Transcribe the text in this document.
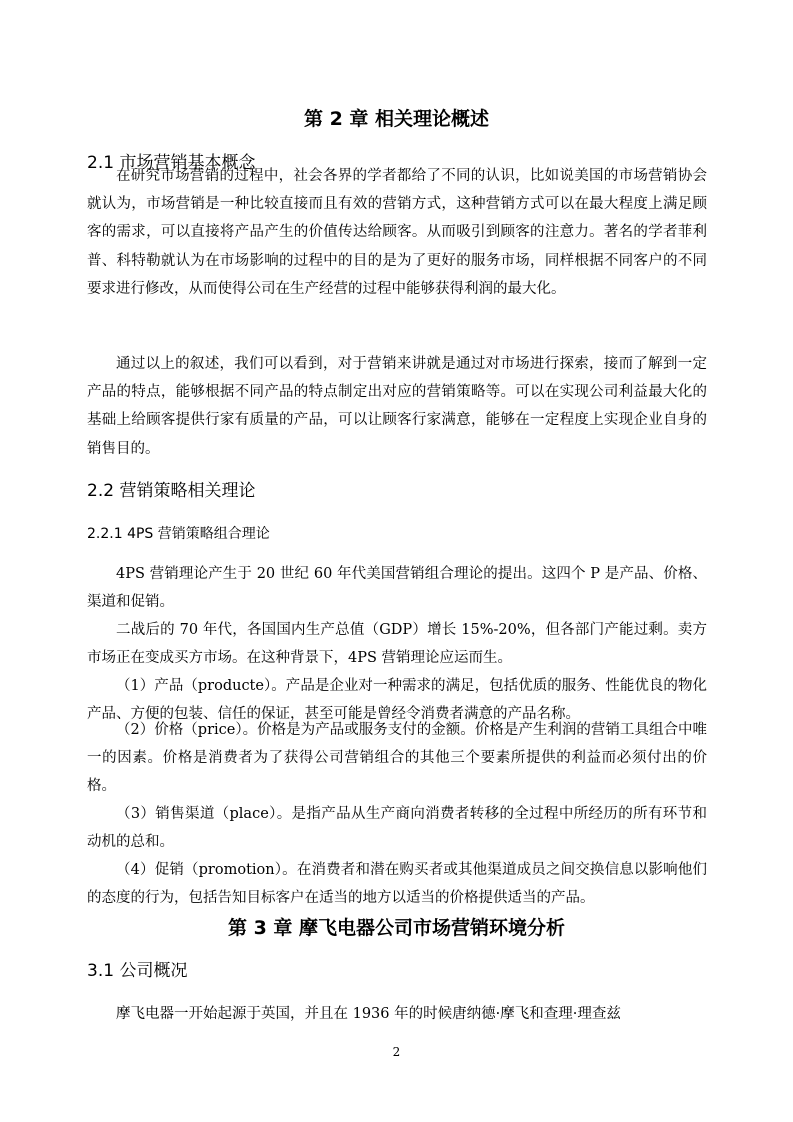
第 2 章 相关理论概述
2.1 市场营销基本概念

在研究市场营销的过程中，社会各界的学者都给了不同的认识，比如说美国的市场营销协会就认为，市场营销是一种比较直接而且有效的营销方式，这种营销方式可以在最大程度上满足顾客的需求，可以直接将产品产生的价值传达给顾客。从而吸引到顾客的注意力。著名的学者菲利普、科特勒就认为在市场影响的过程中的目的是为了更好的服务市场，同样根据不同客户的不同要求进行修改，从而使得公司在生产经营的过程中能够获得利润的最大化。

通过以上的叙述，我们可以看到，对于营销来讲就是通过对市场进行探索，接而了解到一定产品的特点，能够根据不同产品的特点制定出对应的营销策略等。可以在实现公司利益最大化的基础上给顾客提供行家有质量的产品，可以让顾客行家满意，能够在一定程度上实现企业自身的销售目的。

2.2 营销策略相关理论
2.2.1 4PS 营销策略组合理论

4PS 营销理论产生于 20 世纪 60 年代美国营销组合理论的提出。这四个 P 是产品、价格、渠道和促销。

二战后的 70 年代，各国国内生产总值（GDP）增长 15%-20%，但各部门产能过剩。卖方市场正在变成买方市场。在这种背景下，4PS 营销理论应运而生。

（1）产品（producte）。产品是企业对一种需求的满足，包括优质的服务、性能优良的物化产品、方便的包装、信任的保证，甚至可能是曾经令消费者满意的产品名称。

（2）价格（price）。价格是为产品或服务支付的金额。价格是产生利润的营销工具组合中唯一的因素。价格是消费者为了获得公司营销组合的其他三个要素所提供的利益而必须付出的价格。

（3）销售渠道（place）。是指产品从生产商向消费者转移的全过程中所经历的所有环节和动机的总和。

（4）促销（promotion）。在消费者和潜在购买者或其他渠道成员之间交换信息以影响他们的态度的行为，包括告知目标客户在适当的地方以适当的价格提供适当的产品。

第 3 章 摩飞电器公司市场营销环境分析
3.1 公司概况

摩飞电器一开始起源于英国，并且在 1936 年的时候唐纳德·摩飞和查理·理查兹

2
